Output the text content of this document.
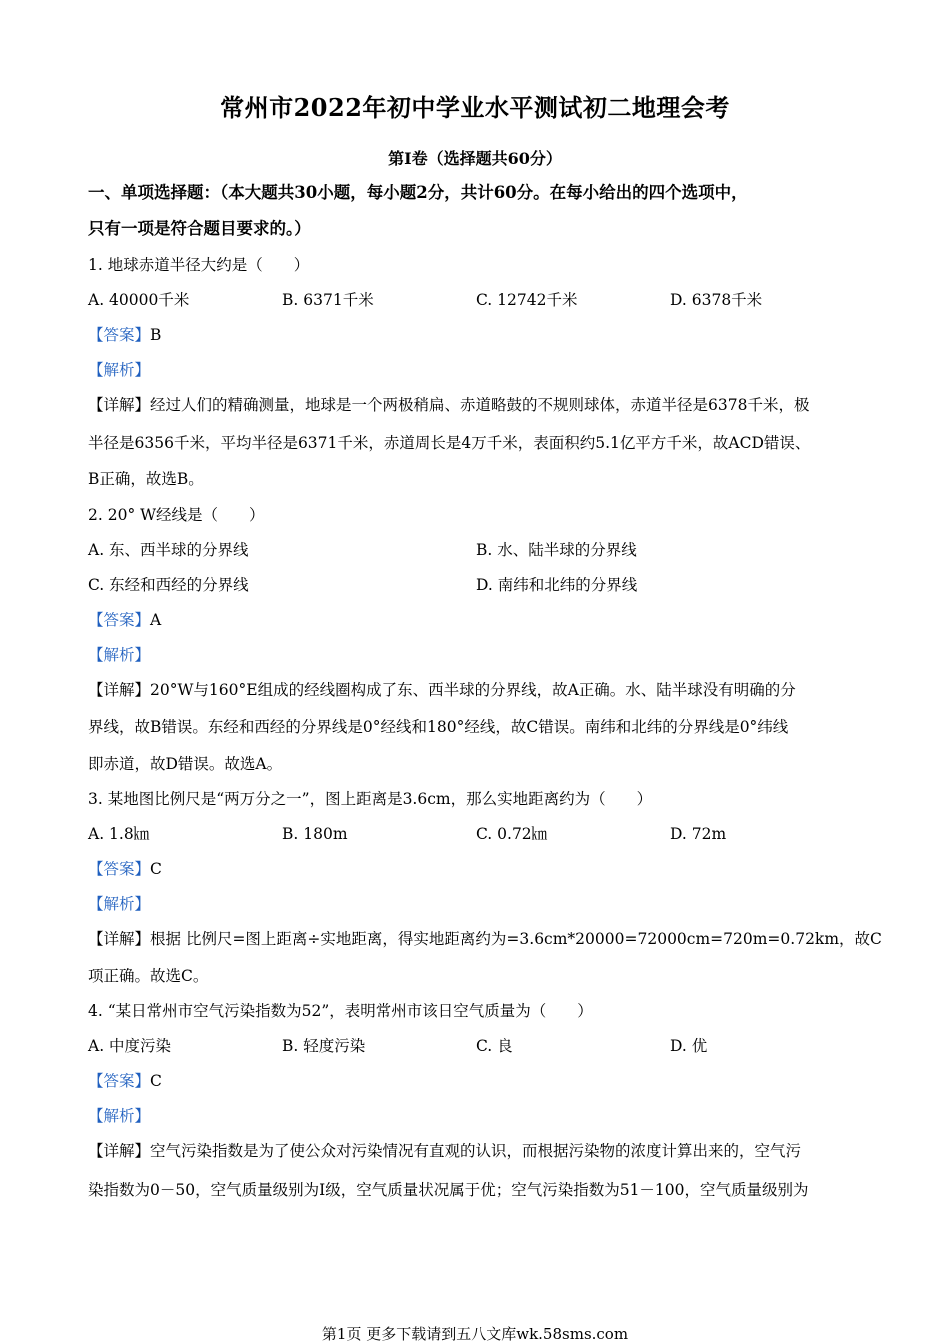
常州市2022年初中学业水平测试初二地理会考
第Ⅰ卷（选择题共60分）
一、单项选择题：（本大题共30小题，每小题2分，共计60分。在每小给出的四个选项中，
只有一项是符合题目要求的。）
1. 地球赤道半径大约是（　　）
A. 40000千米	B. 6371千米	C. 12742千米	D. 6378千米
【答案】B
【解析】
【详解】经过人们的精确测量，地球是一个两极稍扁、赤道略鼓的不规则球体，赤道半径是6378千米，极
半径是6356千米，平均半径是6371千米，赤道周长是4万千米，表面积约5.1亿平方千米，故ACD错误、
B正确，故选B。
2. 20° W经线是（　　）
A. 东、西半球的分界线	B. 水、陆半球的分界线
C. 东经和西经的分界线	D. 南纬和北纬的分界线
【答案】A
【解析】
【详解】20°W与160°E组成的经线圈构成了东、西半球的分界线，故A正确。水、陆半球没有明确的分
界线，故B错误。东经和西经的分界线是0°经线和180°经线，故C错误。南纬和北纬的分界线是0°纬线
即赤道，故D错误。故选A。
3. 某地图比例尺是“两万分之一”，图上距离是3.6cm，那么实地距离约为（　　）
A. 1.8㎞	B. 180m	C. 0.72㎞	D. 72m
【答案】C
【解析】
【详解】根据 比例尺=图上距离÷实地距离，得实地距离约为=3.6cm*20000=72000cm=720m=0.72km，故C
项正确。故选C。
4. “某日常州市空气污染指数为52”，表明常州市该日空气质量为（　　）
A. 中度污染	B. 轻度污染	C. 良	D. 优
【答案】C
【解析】
【详解】空气污染指数是为了使公众对污染情况有直观的认识，而根据污染物的浓度计算出来的，空气污
染指数为0－50，空气质量级别为Ⅰ级，空气质量状况属于优；空气污染指数为51－100，空气质量级别为
第1页 更多下载请到五八文库wk.58sms.com
